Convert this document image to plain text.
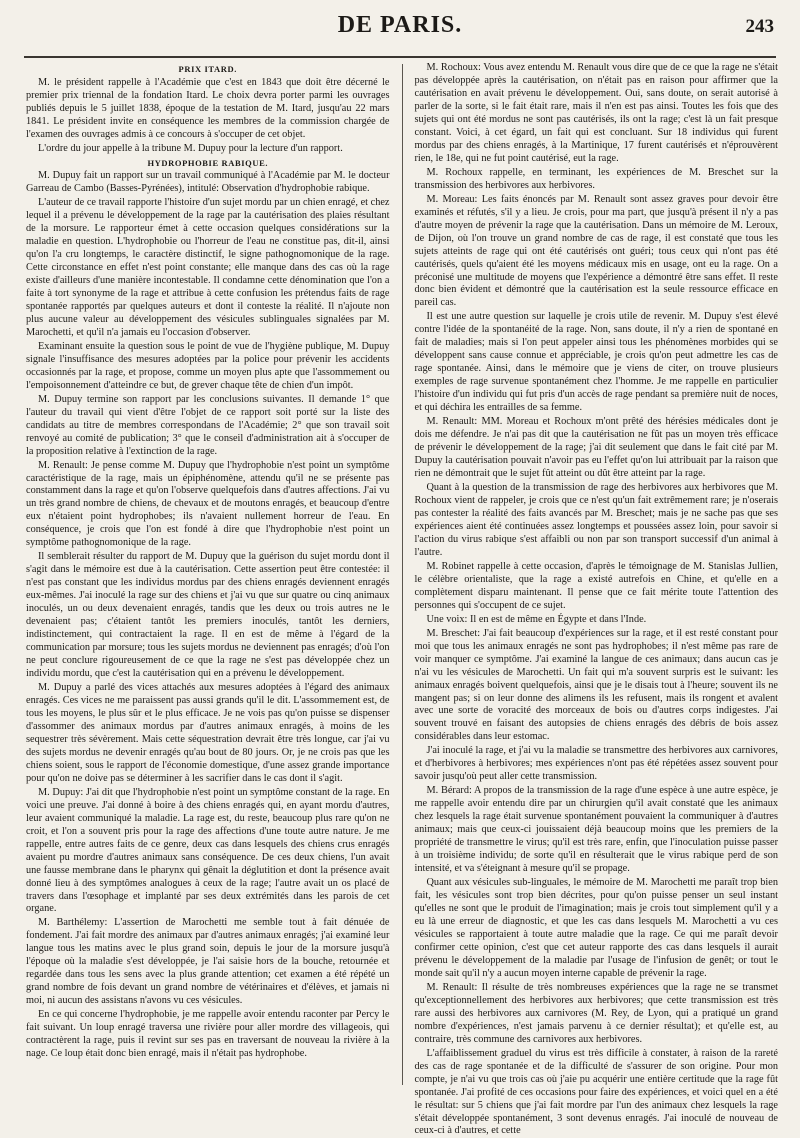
DE PARIS.	243
PRIX ITARD.

M. le président rappelle à l'Académie que c'est en 1843 que doit être décerné le premier prix triennal de la fondation Itard. Le choix devra porter parmi les ouvrages publiés depuis le 5 juillet 1838, époque de la testation de M. Itard, jusqu'au 22 mars 1841. Le président invite en conséquence les membres de la commission chargée de l'examen des ouvrages admis à ce concours à s'occuper de cet objet.

L'ordre du jour appelle à la tribune M. Dupuy pour la lecture d'un rapport.

HYDROPHOBIE RABIQUE.

M. Dupuy fait un rapport sur un travail communiqué à l'Académie par M. le docteur Garreau de Cambo (Basses-Pyrénées), intitulé: Observation d'hydrophobie rabique.

L'auteur de ce travail rapporte l'histoire d'un sujet mordu par un chien enragé, et chez lequel il a prévenu le développement de la rage par la cautérisation des plaies résultant de la morsure. Le rapporteur émet à cette occasion quelques considérations sur la maladie en question. L'hydrophobie ou l'horreur de l'eau ne constitue pas, dit-il, ainsi qu'on l'a cru longtemps, le caractère distinctif, le signe pathognomonique de la rage. Cette circonstance en effet n'est point constante; elle manque dans des cas où la rage existe d'ailleurs d'une manière incontestable. Il condamne cette dénomination que l'on a faite à tort synonyme de la rage et attribue à cette confusion les prétendus faits de rage spontanée rapportés par quelques auteurs et dont il conteste la réalité. Il n'ajoute non plus aucune valeur au développement des vésicules sublinguales signalées par M. Marochetti, et qu'il n'a jamais eu l'occasion d'observer.

Examinant ensuite la question sous le point de vue de l'hygiène publique, M. Dupuy signale l'insuffisance des mesures adoptées par la police pour prévenir les accidents occasionnés par la rage, et propose, comme un moyen plus apte que l'assommement ou l'empoisonnement d'atteindre ce but, de grever chaque tête de chien d'un impôt.

M. Dupuy termine son rapport par les conclusions suivantes. Il demande 1° que l'auteur du travail qui vient d'être l'objet de ce rapport soit porté sur la liste des candidats au titre de membres correspondans de l'Académie; 2° que son travail soit renvoyé au comité de publication; 3° que le conseil d'administration ait à s'occuper de la proposition relative à l'extinction de la rage.

M. Renault: Je pense comme M. Dupuy que l'hydrophobie n'est point un symptôme caractéristique de la rage, mais un épiphénomène, attendu qu'il ne se présente pas constamment dans la rage et qu'on l'observe quelquefois dans d'autres affections. J'ai vu un très grand nombre de chiens, de chevaux et de moutons enragés, et beaucoup d'entre eux n'étaient point hydrophobes; ils n'avaient nullement horreur de l'eau. En conséquence, je crois que l'on est fondé à dire que l'hydrophobie n'est point un symptôme pathognomonique de la rage.

Il semblerait résulter du rapport de M. Dupuy que la guérison du sujet mordu dont il s'agit dans le mémoire est due à la cautérisation. Cette assertion peut être contestée: il n'est pas constant que les individus mordus par des chiens enragés deviennent enragés eux-mêmes. J'ai inoculé la rage sur des chiens et j'ai vu que sur quatre ou cinq animaux inoculés, un ou deux devenaient enragés, tandis que les deux ou trois autres ne le devenaient pas; c'étaient tantôt les premiers inoculés, tantôt les derniers, indistinctement, qui contractaient la rage. Il en est de même à l'égard de la communication par morsure; tous les sujets mordus ne deviennent pas enragés; d'où l'on ne peut conclure rigoureusement de ce que la rage ne s'est pas développée chez un individu mordu, que c'est la cautérisation qui en a prévenu le développement.

M. Dupuy a parlé des vices attachés aux mesures adoptées à l'égard des animaux enragés. Ces vices ne me paraissent pas aussi grands qu'il le dit. L'assommement est, de tous les moyens, le plus sûr et le plus efficace. Je ne vois pas qu'on puisse se dispenser d'assommer des animaux mordus par d'autres animaux enragés, à moins de les sequestrer très sévèrement. Mais cette séquestration devrait être très longue, car j'ai vu des sujets mordus ne devenir enragés qu'au bout de 80 jours. Or, je ne crois pas que les chiens soient, sous le rapport de l'économie domestique, d'une assez grande importance pour qu'on ne doive pas se déterminer à les sacrifier dans le cas dont il s'agit.

M. Dupuy: J'ai dit que l'hydrophobie n'est point un symptôme constant de la rage. En voici une preuve. J'ai donné à boire à des chiens enragés qui, en ayant mordu d'autres, leur avaient communiqué la maladie. La rage est, du reste, beaucoup plus rare qu'on ne croit, et l'on a souvent pris pour la rage des affections d'une toute autre nature. Je me rappelle, entre autres faits de ce genre, deux cas dans lesquels des chiens crus enragés avaient pu mordre d'autres animaux sans conséquence. De ces deux chiens, l'un avait une fausse membrane dans le pharynx qui gênait la déglutition et dont la présence avait donné lieu à des symptômes analogues à ceux de la rage; l'autre avait un os placé de travers dans l'œsophage et implanté par ses deux extrémités dans les parois de cet organe.

M. Barthélemy: L'assertion de Marochetti me semble tout à fait dénuée de fondement. J'ai fait mordre des animaux par d'autres animaux enragés; j'ai examiné leur langue tous les matins avec le plus grand soin, depuis le jour de la morsure jusqu'à l'époque où la maladie s'est développée, je l'ai saisie hors de la bouche, retournée et regardée dans tous les sens avec la plus grande attention; cet examen a été répété un grand nombre de fois devant un grand nombre de vétérinaires et d'élèves, et jamais ni moi, ni aucun des assistans n'avons vu ces vésicules.

En ce qui concerne l'hydrophobie, je me rappelle avoir entendu raconter par Percy le fait suivant. Un loup enragé traversa une rivière pour aller mordre des villageois, qui contractèrent la rage, puis il revint sur ses pas en traversant de nouveau la rivière à la nage. Ce loup était donc bien enragé, mais il n'était pas hydrophobe.

M. Rochoux: Vous avez entendu M. Renault vous dire que de ce que la rage ne s'était pas développée après la cautérisation, on n'était pas en raison pour affirmer que la cautérisation en avait prévenu le développement. Oui, sans doute, on serait autorisé à parler de la sorte, si le fait était rare, mais il n'en est pas ainsi. Toutes les fois que des sujets qui ont été mordus ne sont pas cautérisés, ils ont la rage; c'est là un fait presque constant. Voici, à cet égard, un fait qui est concluant. Sur 18 individus qui furent mordus par des chiens enragés, à la Martinique, 17 furent cautérisés et n'éprouvèrent rien, le 18e, qui ne fut point cautérisé, eut la rage.

M. Rochoux rappelle, en terminant, les expériences de M. Breschet sur la transmission des herbivores aux herbivores.

M. Moreau: Les faits énoncés par M. Renault sont assez graves pour devoir être examinés et réfutés, s'il y a lieu. Je crois, pour ma part, que jusqu'à présent il n'y a pas d'autre moyen de prévenir la rage que la cautérisation. Dans un mémoire de M. Leroux, de Dijon, où l'on trouve un grand nombre de cas de rage, il est constaté que tous les sujets atteints de rage qui ont été cautérisés ont guéri; tous ceux qui n'ont pas été cautérisés, quels qu'aient été les moyens médicaux mis en usage, ont eu la rage. On a préconisé une multitude de moyens que l'expérience a démontré être sans effet. Il reste donc bien évident et démontré que la cautérisation est la seule ressource efficace en pareil cas.

Il est une autre question sur laquelle je crois utile de revenir. M. Dupuy s'est élevé contre l'idée de la spontanéité de la rage. Non, sans doute, il n'y a rien de spontané en fait de maladies; mais si l'on peut appeler ainsi tous les phénomènes morbides qui se développent sans cause connue et appréciable, je crois qu'on peut admettre les cas de rage spontanée. Ainsi, dans le mémoire que je viens de citer, on trouve plusieurs exemples de rage survenue spontanément chez l'homme. Je me rappelle en particulier l'histoire d'un individu qui fut pris d'un accès de rage pendant sa première nuit de noces, et qui déchira les entrailles de sa femme.

M. Renault: MM. Moreau et Rochoux m'ont prêté des hérésies médicales dont je dois me défendre. Je n'ai pas dit que la cautérisation ne fût pas un moyen très efficace de prévenir le développement de la rage; j'ai dit seulement que dans le fait cité par M. Dupuy la cautérisation pouvait n'avoir pas eu l'effet qu'on lui attribuait par la raison que rien ne démontrait que le sujet fût atteint ou dût être atteint par la rage.

Quant à la question de la transmission de rage des herbivores aux herbivores que M. Rochoux vient de rappeler, je crois que ce n'est qu'un fait extrêmement rare; je n'oserais pas contester la réalité des faits avancés par M. Breschet; mais je ne sache pas que ses expériences aient été continuées assez longtemps et poussées assez loin, pour savoir si l'action du virus rabique s'est affaibli ou non par son transport successif d'un animal à l'autre.

M. Robinet rappelle à cette occasion, d'après le témoignage de M. Stanislas Jullien, le célèbre orientaliste, que la rage a existé autrefois en Chine, et qu'elle en a complètement disparu maintenant. Il pense que ce fait mérite toute l'attention des personnes qui s'occupent de ce sujet.

Une voix: Il en est de même en Égypte et dans l'Inde.

M. Breschet: J'ai fait beaucoup d'expériences sur la rage, et il est resté constant pour moi que tous les animaux enragés ne sont pas hydrophobes; il n'est même pas rare de voir manquer ce symptôme. J'ai examiné la langue de ces animaux; dans aucun cas je n'ai vu les vésicules de Marochetti. Un fait qui m'a souvent surpris est le suivant: les animaux enragés boivent quelquefois, ainsi que je le disais tout à l'heure; souvent ils ne mangent pas; si on leur donne des alimens ils les refusent, mais ils rongent et avalent avec une sorte de voracité des morceaux de bois ou d'autres corps indigestes. J'ai souvent trouvé en faisant des autopsies de chiens enragés des débris de bois assez considérables dans leur estomac.

J'ai inoculé la rage, et j'ai vu la maladie se transmettre des herbivores aux carnivores, et d'herbivores à herbivores; mes expériences n'ont pas été répétées assez souvent pour savoir jusqu'où peut aller cette transmission.

M. Bérard: A propos de la transmission de la rage d'une espèce à une autre espèce, je me rappelle avoir entendu dire par un chirurgien qu'il avait constaté que les animaux chez lesquels la rage était survenue spontanément pouvaient la communiquer à d'autres animaux; mais que ceux-ci jouissaient déjà beaucoup moins que les premiers de la propriété de transmettre le virus; qu'il est très rare, enfin, que l'inoculation puisse passer à un troisième individu; de sorte qu'il en résulterait que le virus rabique perd de son intensité, et va s'éteignant à mesure qu'il se propage.

Quant aux vésicules sub-linguales, le mémoire de M. Marochetti me paraît trop bien fait, les vésicules sont trop bien décrites, pour qu'on puisse penser un seul instant qu'elles ne sont que le produit de l'imagination; mais je crois tout simplement qu'il y a eu là une erreur de diagnostic, et que les cas dans lesquels M. Marochetti a vu ces vésicules se rapportaient à toute autre maladie que la rage. Ce qui me paraît devoir confirmer cette opinion, c'est que cet auteur rapporte des cas dans lesquels il aurait prévenu le développement de la maladie par l'usage de l'infusion de genêt; or tout le monde sait qu'il n'y a aucun moyen interne capable de prévenir la rage.

M. Renault: Il résulte de très nombreuses expériences que la rage ne se transmet qu'exceptionnellement des herbivores aux herbivores; que cette transmission est très rare aussi des herbivores aux carnivores (M. Rey, de Lyon, qui a pratiqué un grand nombre d'expériences, n'est jamais parvenu à ce dernier résultat); et qu'elle est, au contraire, très commune des carnivores aux herbivores.

L'affaiblissement graduel du virus est très difficile à constater, à raison de la rareté des cas de rage spontanée et de la difficulté de s'assurer de son origine. Pour mon compte, je n'ai vu que trois cas où j'aie pu acquérir une entière certitude que la rage fût spontanée. J'ai profité de ces occasions pour faire des expériences, et voici quel en a été le résultat: sur 5 chiens que j'ai fait mordre par l'un des animaux chez lesquels la rage s'était développée spontanément, 3 sont devenus enragés. J'ai inoculé de nouveau de ceux-ci à d'autres, et cette
